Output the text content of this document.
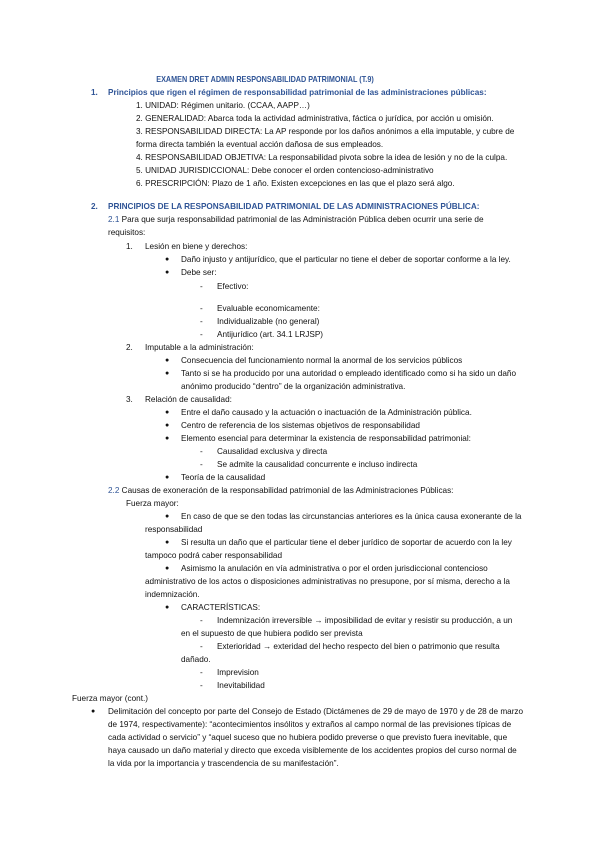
EXAMEN DRET ADMIN RESPONSABILIDAD PATRIMONIAL (T.9)
1. Principios que rigen el régimen de responsabilidad patrimonial de las administraciones públicas:
1. UNIDAD: Régimen unitario. (CCAA, AAPP…)
2. GENERALIDAD: Abarca toda la actividad administrativa, fáctica o jurídica, por acción u omisión.
3. RESPONSABILIDAD DIRECTA: La AP responde por los daños anónimos a ella imputable, y cubre de
forma directa también la eventual acción dañosa de sus empleados.
4. RESPONSABILIDAD OBJETIVA: La responsabilidad pivota sobre la idea de lesión y no de la culpa.
5. UNIDAD JURISDICCIONAL: Debe conocer el orden contencioso-administrativo
6. PRESCRIPCIÓN: Plazo de 1 año. Existen excepciones en las que el plazo será algo.
2. PRINCIPIOS DE LA RESPONSABILIDAD PATRIMONIAL DE LAS ADMINISTRACIONES PÚBLICA:
2.1 Para que surja responsabilidad patrimonial de las Administración Pública deben ocurrir una serie de
requisitos:
1. Lesión en biene y derechos:
● Daño injusto y antijurídico, que el particular no tiene el deber de soportar conforme a la ley.
● Debe ser:
- Efectivo:
- Evaluable economicamente:
- Individualizable (no general)
- Antijurídico (art. 34.1 LRJSP)
2. Imputable a la administración:
● Consecuencia del funcionamiento normal la anormal de los servicios públicos
● Tanto si se ha producido por una autoridad o empleado identificado como si ha sido un daño
anónimo producido “dentro” de la organización administrativa.
3. Relación de causalidad:
● Entre el daño causado y la actuación o inactuación de la Administración pública.
● Centro de referencia de los sistemas objetivos de responsabilidad
● Elemento esencial para determinar la existencia de responsabilidad patrimonial:
- Causalidad exclusiva y directa
- Se admite la causalidad concurrente e incluso indirecta
● Teoría de la causalidad
2.2 Causas de exoneración de la responsabilidad patrimonial de las Administraciones Públicas:
Fuerza mayor:
● En caso de que se den todas las circunstancias anteriores es la única causa exonerante de la
responsabilidad
● Si resulta un daño que el particular tiene el deber jurídico de soportar de acuerdo con la ley
tampoco podrá caber responsabilidad
● Asimismo la anulación en vía administrativa o por el orden jurisdiccional contencioso
administrativo de los actos o disposiciones administrativas no presupone, por sí misma, derecho a la
indemnización.
● CARACTERÍSTICAS:
- Indemnización irreversible → imposibilidad de evitar y resistir su producción, a un
en el supuesto de que hubiera podido ser prevista
- Exterioridad → exteridad del hecho respecto del bien o patrimonio que resulta
dañado.
- Imprevision
- Inevitabilidad
Fuerza mayor (cont.)
● Delimitación del concepto por parte del Consejo de Estado (Dictámenes de 29 de mayo de 1970 y de 28 de marzo
de 1974, respectivamente): “acontecimientos insólitos y extraños al campo normal de las previsiones típicas de
cada actividad o servicio” y “aquel suceso que no hubiera podido preverse o que previsto fuera inevitable, que
haya causado un daño material y directo que exceda visiblemente de los accidentes propios del curso normal de
la vida por la importancia y trascendencia de su manifestación”.
